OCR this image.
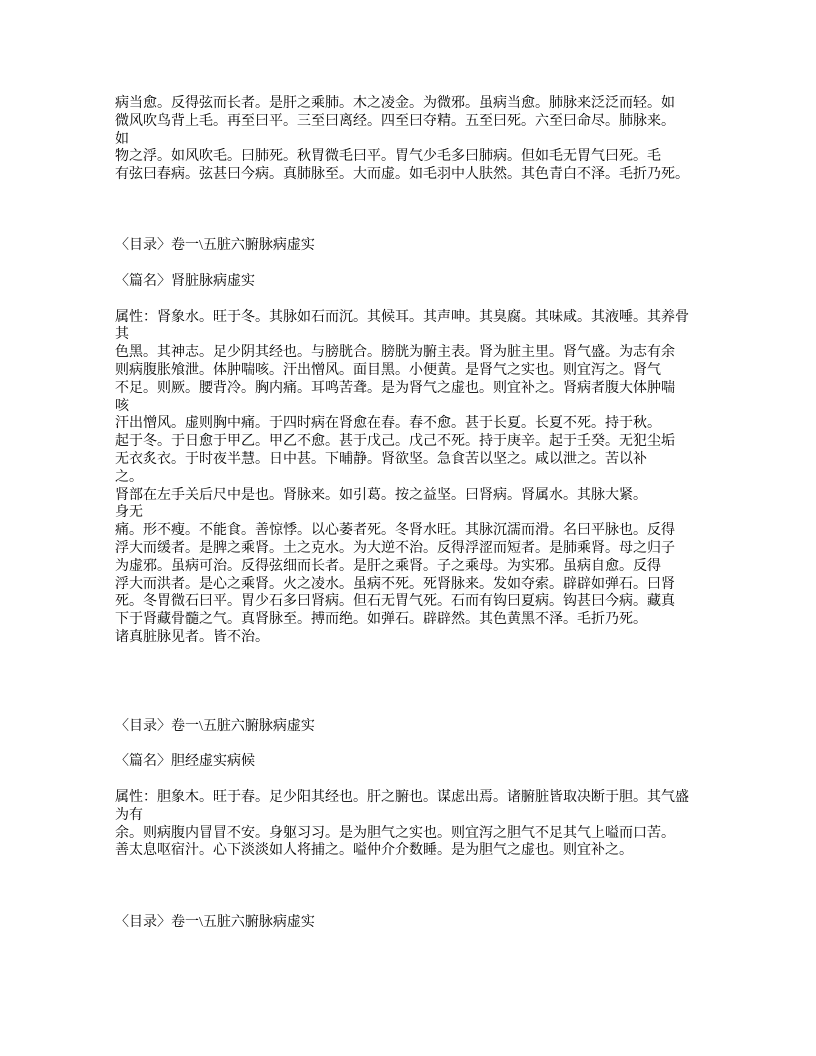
病当愈。反得弦而长者。是肝之乘肺。木之凌金。为微邪。虽病当愈。肺脉来泛泛而轻。如
微风吹鸟背上毛。再至曰平。三至曰离经。四至曰夺精。五至曰死。六至曰命尽。肺脉来。
如
物之浮。如风吹毛。曰肺死。秋胃微毛曰平。胃气少毛多曰肺病。但如毛无胃气曰死。毛
有弦曰春病。弦甚曰今病。真肺脉至。大而虚。如毛羽中人肤然。其色青白不泽。毛折乃死。
〈目录〉卷一\五脏六腑脉病虚实
〈篇名〉肾脏脉病虚实
属性：肾象水。旺于冬。其脉如石而沉。其候耳。其声呻。其臭腐。其味咸。其液唾。其养骨
其
色黑。其神志。足少阴其经也。与膀胱合。膀胱为腑主表。肾为脏主里。肾气盛。为志有余
则病腹胀飧泄。体肿喘咳。汗出憎风。面目黑。小便黄。是肾气之实也。则宜泻之。肾气
不足。则厥。腰背冷。胸内痛。耳鸣苦聋。是为肾气之虚也。则宜补之。肾病者腹大体肿喘
咳
汗出憎风。虚则胸中痛。于四时病在肾愈在春。春不愈。甚于长夏。长夏不死。持于秋。
起于冬。于日愈于甲乙。甲乙不愈。甚于戊己。戊己不死。持于庚辛。起于壬癸。无犯尘垢
无衣炙衣。于时夜半慧。日中甚。下晡静。肾欲坚。急食苦以坚之。咸以泄之。苦以补
之。
肾部在左手关后尺中是也。肾脉来。如引葛。按之益坚。曰肾病。肾属水。其脉大紧。
身无
痛。形不瘦。不能食。善惊悸。以心萎者死。冬肾水旺。其脉沉濡而滑。名曰平脉也。反得
浮大而缓者。是脾之乘肾。土之克水。为大逆不治。反得浮涩而短者。是肺乘肾。母之归子
为虚邪。虽病可治。反得弦细而长者。是肝之乘肾。子之乘母。为实邪。虽病自愈。反得
浮大而洪者。是心之乘肾。火之凌水。虽病不死。死肾脉来。发如夺索。辟辟如弹石。曰肾
死。冬胃微石曰平。胃少石多曰肾病。但石无胃气死。石而有钩曰夏病。钩甚曰今病。藏真
下于肾藏骨髓之气。真肾脉至。搏而绝。如弹石。辟辟然。其色黄黑不泽。毛折乃死。
诸真脏脉见者。皆不治。
〈目录〉卷一\五脏六腑脉病虚实
〈篇名〉胆经虚实病候
属性：胆象木。旺于春。足少阳其经也。肝之腑也。谋虑出焉。诸腑脏皆取决断于胆。其气盛
为有
余。则病腹内冒冒不安。身躯习习。是为胆气之实也。则宜泻之胆气不足其气上嗌而口苦。
善太息呕宿汁。心下淡淡如人将捕之。嗌仲介介数睡。是为胆气之虚也。则宜补之。
〈目录〉卷一\五脏六腑脉病虚实
